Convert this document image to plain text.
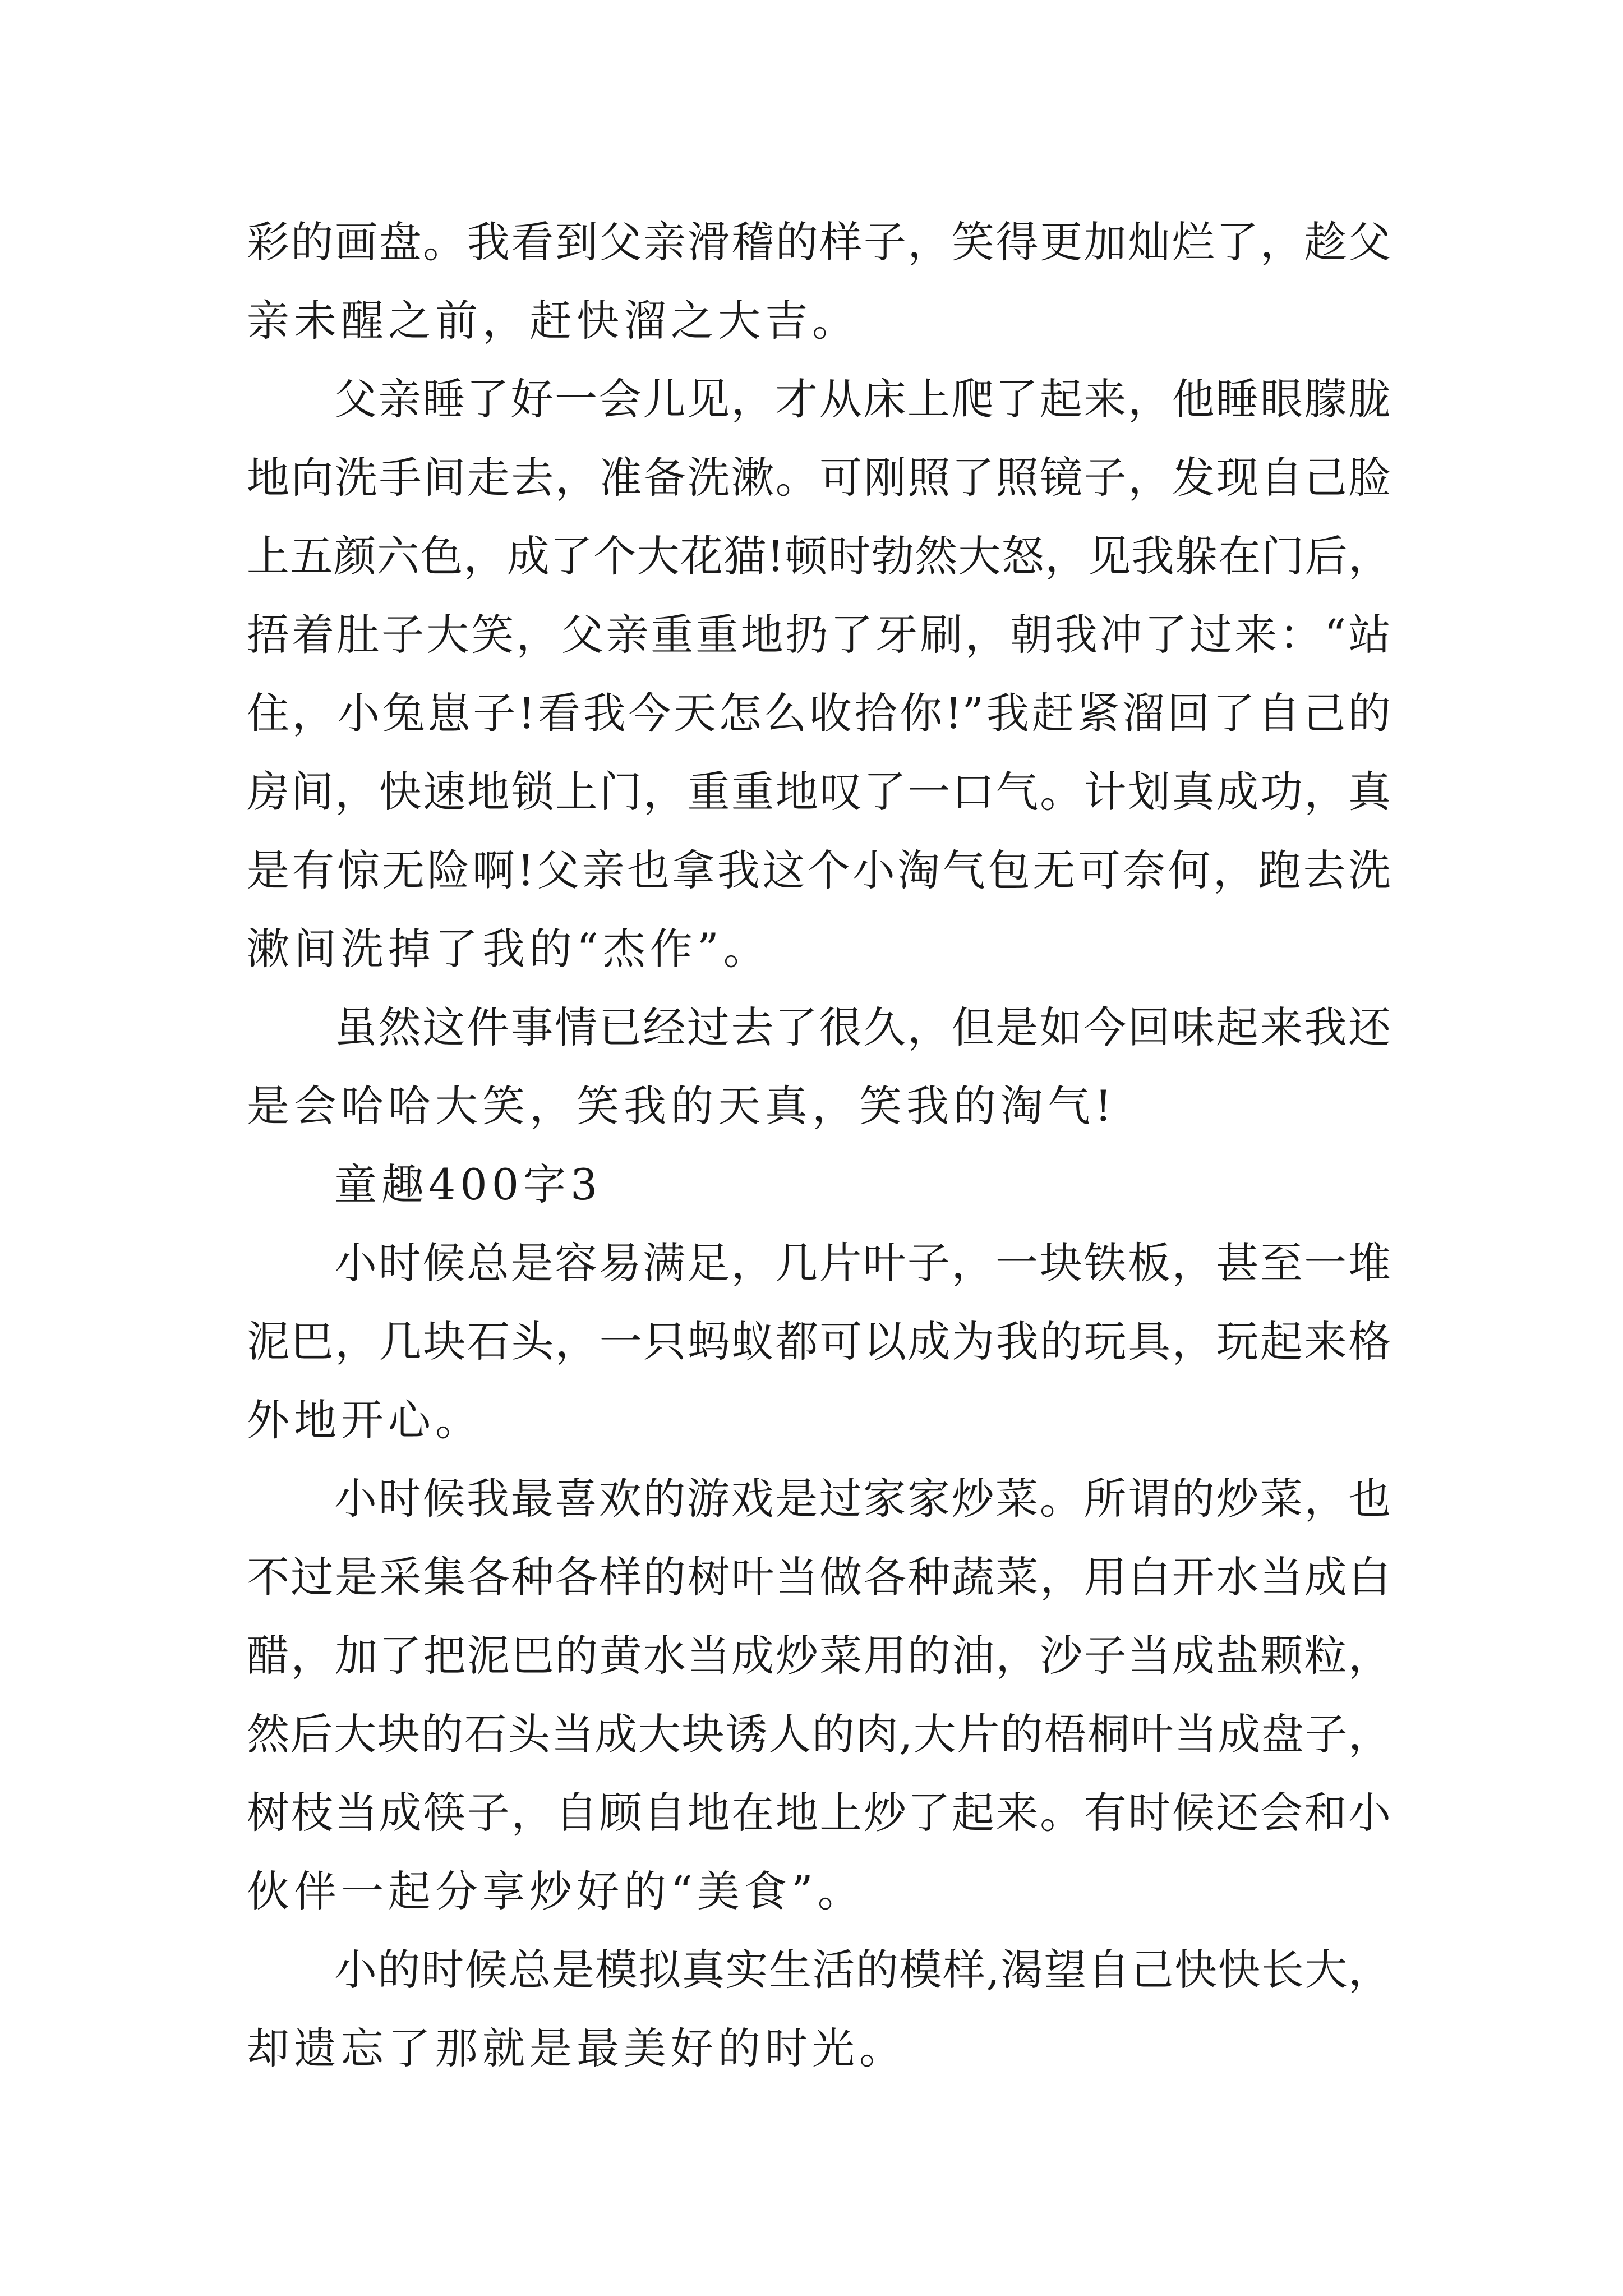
彩的画盘。我看到父亲滑稽的样子，笑得更加灿烂了，趁父
亲未醒之前，赶快溜之大吉。
父亲睡了好一会儿见，才从床上爬了起来，他睡眼朦胧
地向洗手间走去，准备洗漱。可刚照了照镜子，发现自己脸
上五颜六色，成了个大花猫!顿时勃然大怒，见我躲在门后，
捂着肚子大笑，父亲重重地扔了牙刷，朝我冲了过来：“站
住，小兔崽子!看我今天怎么收拾你!”我赶紧溜回了自己的
房间，快速地锁上门，重重地叹了一口气。计划真成功，真
是有惊无险啊!父亲也拿我这个小淘气包无可奈何，跑去洗
漱间洗掉了我的“杰作”。
虽然这件事情已经过去了很久，但是如今回味起来我还
是会哈哈大笑，笑我的天真，笑我的淘气!
童趣400字3
小时候总是容易满足，几片叶子，一块铁板，甚至一堆
泥巴，几块石头，一只蚂蚁都可以成为我的玩具，玩起来格
外地开心。
小时候我最喜欢的游戏是过家家炒菜。所谓的炒菜，也
不过是采集各种各样的树叶当做各种蔬菜，用白开水当成白
醋，加了把泥巴的黄水当成炒菜用的油，沙子当成盐颗粒，
然后大块的石头当成大块诱人的肉,大片的梧桐叶当成盘子，
树枝当成筷子，自顾自地在地上炒了起来。有时候还会和小
伙伴一起分享炒好的“美食”。
小的时候总是模拟真实生活的模样,渴望自己快快长大，
却遗忘了那就是最美好的时光。
